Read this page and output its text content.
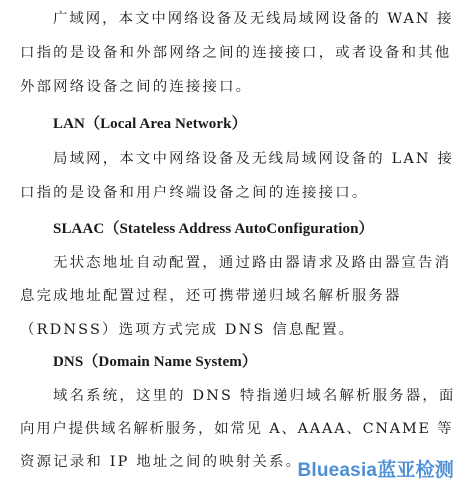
广域网，本文中网络设备及无线局域网设备的 WAN 接
口指的是设备和外部网络之间的连接接口，或者设备和其他
外部网络设备之间的连接接口。
LAN（Local Area Network）
局域网，本文中网络设备及无线局域网设备的 LAN 接
口指的是设备和用户终端设备之间的连接接口。
SLAAC（Stateless Address AutoConfiguration）
无状态地址自动配置，通过路由器请求及路由器宣告消
息完成地址配置过程，还可携带递归域名解析服务器
（RDNSS）选项方式完成 DNS 信息配置。
DNS（Domain Name System）
域名系统，这里的 DNS 特指递归域名解析服务器，面
向用户提供域名解析服务，如常见 A、AAAA、CNAME 等
资源记录和 IP 地址之间的映射关系。
Blueasia蓝亚检测
